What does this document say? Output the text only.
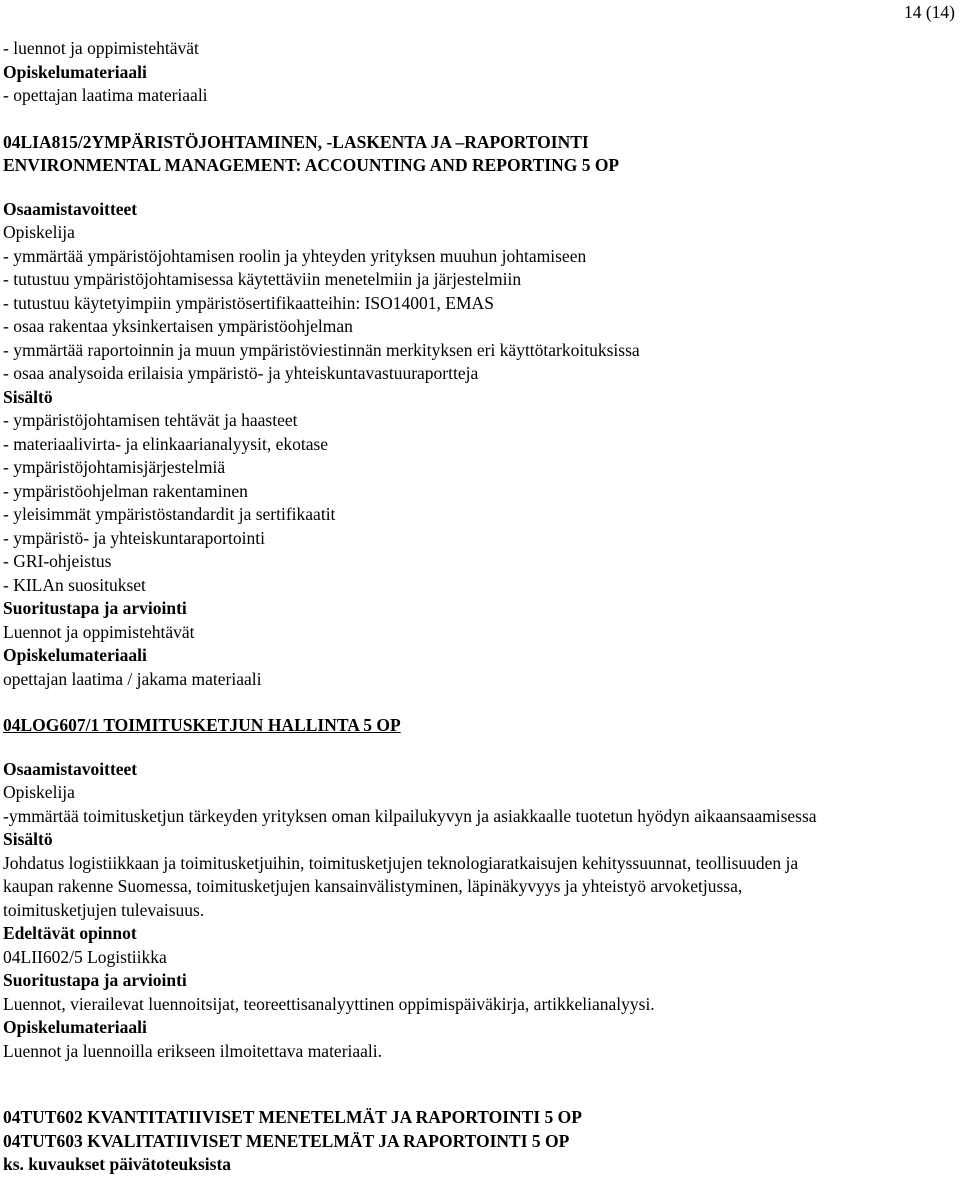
14 (14)
- luennot ja oppimistehtävät
Opiskelumateriaali
- opettajan laatima materiaali
04LIA815/2YMPÄRISTÖJOHTAMINEN, -LASKENTA JA –RAPORTOINTI
ENVIRONMENTAL MANAGEMENT: ACCOUNTING AND REPORTING 5 OP
Osaamistavoitteet
Opiskelija
- ymmärtää ympäristöjohtamisen roolin ja yhteyden yrityksen muuhun johtamiseen
- tutustuu ympäristöjohtamisessa käytettäviin menetelmiin ja järjestelmiin
- tutustuu käytetyimpiin ympäristösertifikaatteihin: ISO14001, EMAS
- osaa rakentaa yksinkertaisen ympäristöohjelman
- ymmärtää raportoinnin ja muun ympäristöviestinnän merkityksen eri käyttötarkoituksissa
- osaa analysoida erilaisia ympäristö- ja yhteiskuntavastuuraportteja
Sisältö
- ympäristöjohtamisen tehtävät ja haasteet
- materiaalivirta- ja elinkaarianalyysit, ekotase
- ympäristöjohtamisjärjestelmiä
- ympäristöohjelman rakentaminen
- yleisimmät ympäristöstandardit ja sertifikaatit
- ympäristö- ja yhteiskuntaraportointi
- GRI-ohjeistus
- KILAn suositukset
Suoritustapa ja arviointi
Luennot ja oppimistehtävät
Opiskelumateriaali
opettajan laatima / jakama materiaali
04LOG607/1 TOIMITUSKETJUN HALLINTA 5 OP
Osaamistavoitteet
Opiskelija
-ymmärtää toimitusketjun tärkeyden yrityksen oman kilpailukyvyn ja asiakkaalle tuotetun hyödyn aikaansaamisessa
Sisältö
Johdatus logistiikkaan ja toimitusketjuihin, toimitusketjujen teknologiaratkaisujen kehityssuunnat, teollisuuden ja
kaupan rakenne Suomessa, toimitusketjujen kansainvälistyminen, läpinäkyvyys ja yhteistyö arvoketjussa,
toimitusketjujen tulevaisuus.
Edeltävät opinnot
04LII602/5 Logistiikka
Suoritustapa ja arviointi
Luennot, vierailevat luennoitsijat, teoreettisanalyyttinen oppimispäiväkirja, artikkelianalyysi.
Opiskelumateriaali
Luennot ja luennoilla erikseen ilmoitettava materiaali.
04TUT602 KVANTITATIIVISET MENETELMÄT JA RAPORTOINTI 5 OP
04TUT603 KVALITATIIVISET MENETELMÄT JA RAPORTOINTI 5 OP
ks. kuvaukset päivätoteuksista
